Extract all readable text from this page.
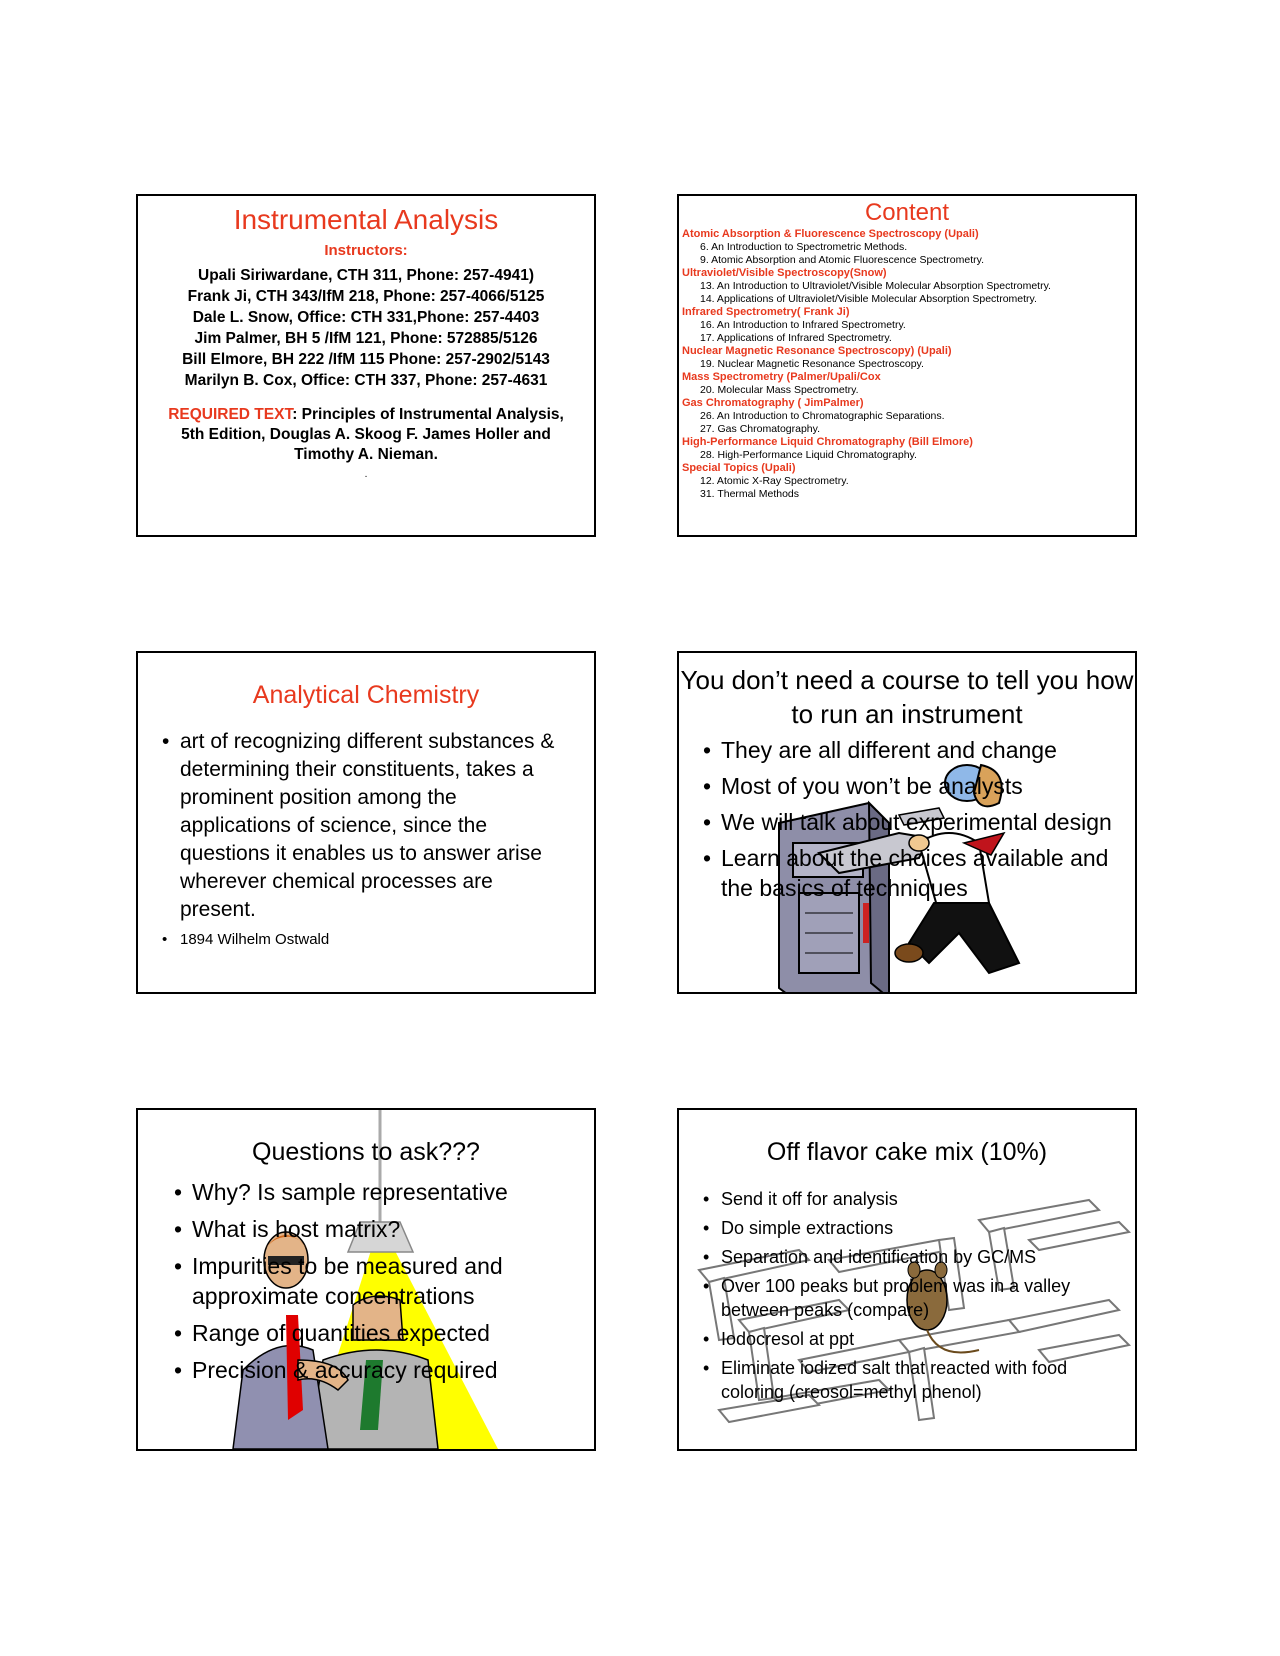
Instrumental Analysis
Instructors:
Upali Siriwardane, CTH 311, Phone: 257-4941)
Frank Ji, CTH 343/IfM 218, Phone: 257-4066/5125
Dale L. Snow, Office: CTH 331,Phone: 257-4403
Jim Palmer, BH 5 /IfM 121, Phone: 572885/5126
Bill Elmore, BH 222 /IfM 115 Phone: 257-2902/5143
Marilyn B. Cox, Office: CTH 337, Phone: 257-4631
REQUIRED TEXT: Principles of Instrumental Analysis, 5th Edition, Douglas A. Skoog F. James Holler and Timothy A. Nieman.
.
Content
Atomic Absorption & Fluorescence Spectroscopy (Upali)
6. An Introduction to Spectrometric Methods.
9. Atomic Absorption and Atomic Fluorescence Spectrometry.
Ultraviolet/Visible Spectroscopy(Snow)
13. An Introduction to Ultraviolet/Visible Molecular Absorption Spectrometry.
14. Applications of Ultraviolet/Visible Molecular Absorption Spectrometry.
Infrared Spectrometry( Frank Ji)
16. An Introduction to Infrared Spectrometry.
17. Applications of Infrared Spectrometry.
Nuclear Magnetic Resonance Spectroscopy) (Upali)
19. Nuclear Magnetic Resonance Spectroscopy.
Mass Spectrometry (Palmer/Upali/Cox
20. Molecular Mass Spectrometry.
Gas Chromatography ( JimPalmer)
26. An Introduction to Chromatographic Separations.
27. Gas Chromatography.
High-Performance Liquid Chromatography (Bill Elmore)
28. High-Performance Liquid Chromatography.
Special Topics (Upali)
12. Atomic X-Ray Spectrometry.
31. Thermal Methods
Analytical Chemistry
• art of recognizing different substances & determining their constituents, takes a prominent position among the applications of science, since the questions it enables us to answer arise wherever chemical processes are present.
• 1894 Wilhelm Ostwald
You don’t need a course to tell you how to run an instrument
• They are all different and change
• Most of you won’t be analysts
• We will talk about experimental design
• Learn about the choices available and the basics of techniques
Questions to ask???
• Why? Is sample representative
• What is host matrix?
• Impurities to be measured and approximate concentrations
• Range of quantities expected
• Precision & accuracy required
Off flavor cake mix (10%)
• Send it off for analysis
• Do simple extractions
• Separation and identification by GC/MS
• Over 100 peaks but problem was in a valley between peaks (compare)
• Iodocresol at ppt
• Eliminate iodized salt that reacted with food coloring (creosol=methyl phenol)
